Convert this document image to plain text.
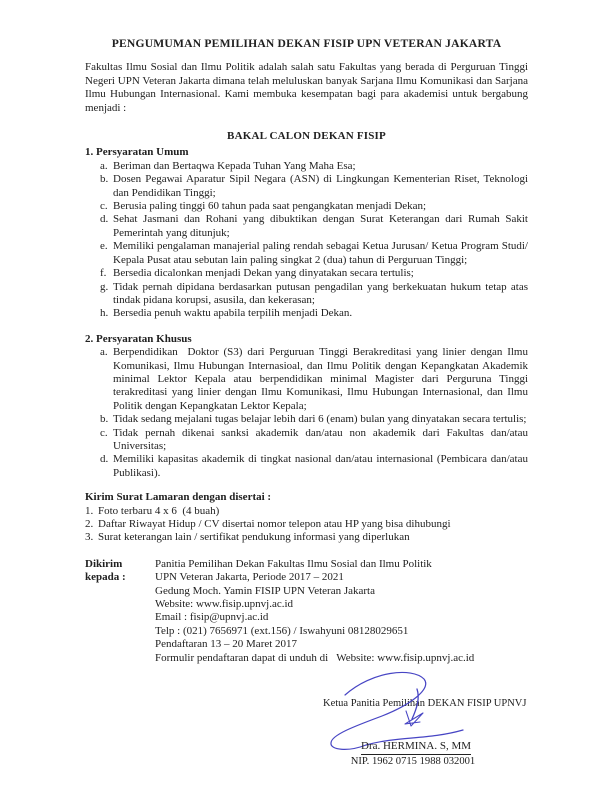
PENGUMUMAN PEMILIHAN DEKAN FISIP UPN VETERAN JAKARTA
Fakultas Ilmu Sosial dan Ilmu Politik adalah salah satu Fakultas yang berada di Perguruan Tinggi Negeri UPN Veteran Jakarta dimana telah meluluskan banyak Sarjana Ilmu Komunikasi dan Sarjana Ilmu Hubungan Internasional. Kami membuka kesempatan bagi para akademisi untuk bergabung menjadi :
BAKAL CALON DEKAN FISIP
1. Persyaratan Umum
a. Beriman dan Bertaqwa Kepada Tuhan Yang Maha Esa;
b. Dosen Pegawai Aparatur Sipil Negara (ASN) di Lingkungan Kementerian Riset, Teknologi dan Pendidikan Tinggi;
c. Berusia paling tinggi 60 tahun pada saat pengangkatan menjadi Dekan;
d. Sehat Jasmani dan Rohani yang dibuktikan dengan Surat Keterangan dari Rumah Sakit Pemerintah yang ditunjuk;
e. Memiliki pengalaman manajerial paling rendah sebagai Ketua Jurusan/ Ketua Program Studi/ Kepala Pusat atau sebutan lain paling singkat 2 (dua) tahun di Perguruan Tinggi;
f. Bersedia dicalonkan menjadi Dekan yang dinyatakan secara tertulis;
g. Tidak pernah dipidana berdasarkan putusan pengadilan yang berkekuatan hukum tetap atas tindak pidana korupsi, asusila, dan kekerasan;
h. Bersedia penuh waktu apabila terpilih menjadi Dekan.
2. Persyaratan Khusus
a. Berpendidikan  Doktor (S3) dari Perguruan Tinggi Berakreditasi yang linier dengan Ilmu Komunikasi, Ilmu Hubungan Internasioal, dan Ilmu Politik dengan Kepangkatan Akademik minimal Lektor Kepala atau berpendidikan minimal Magister dari Perguruna Tinggi terakreditasi yang linier dengan Ilmu Komunikasi, Ilmu Hubungan Internasional, dan Ilmu Politik dengan Kepangkatan Lektor Kepala;
b. Tidak sedang mejalani tugas belajar lebih dari 6 (enam) bulan yang dinyatakan secara tertulis;
c. Tidak pernah dikenai sanksi akademik dan/atau non akademik dari Fakultas dan/atau Universitas;
d. Memiliki kapasitas akademik di tingkat nasional dan/atau internasional (Pembicara dan/atau Publikasi).
Kirim Surat Lamaran dengan disertai :
1. Foto terbaru 4 x 6  (4 buah)
2. Daftar Riwayat Hidup / CV disertai nomor telepon atau HP yang bisa dihubungi
3. Surat keterangan lain / sertifikat pendukung informasi yang diperlukan
Dikirim kepada :
Panitia Pemilihan Dekan Fakultas Ilmu Sosial dan Ilmu Politik
UPN Veteran Jakarta, Periode 2017 – 2021
Gedung Moch. Yamin FISIP UPN Veteran Jakarta
Website: www.fisip.upnvj.ac.id
Email : fisip@upnvj.ac.id
Telp : (021) 7656971 (ext.156) / Iswahyuni 08128029651
Pendaftaran 13 – 20 Maret 2017
Formulir pendaftaran dapat di unduh di   Website: www.fisip.upnvj.ac.id
Ketua Panitia Pemilihan DEKAN FISIP UPNVJ
Dra. HERMINA. S, MM
NIP. 1962 0715 1988 032001
